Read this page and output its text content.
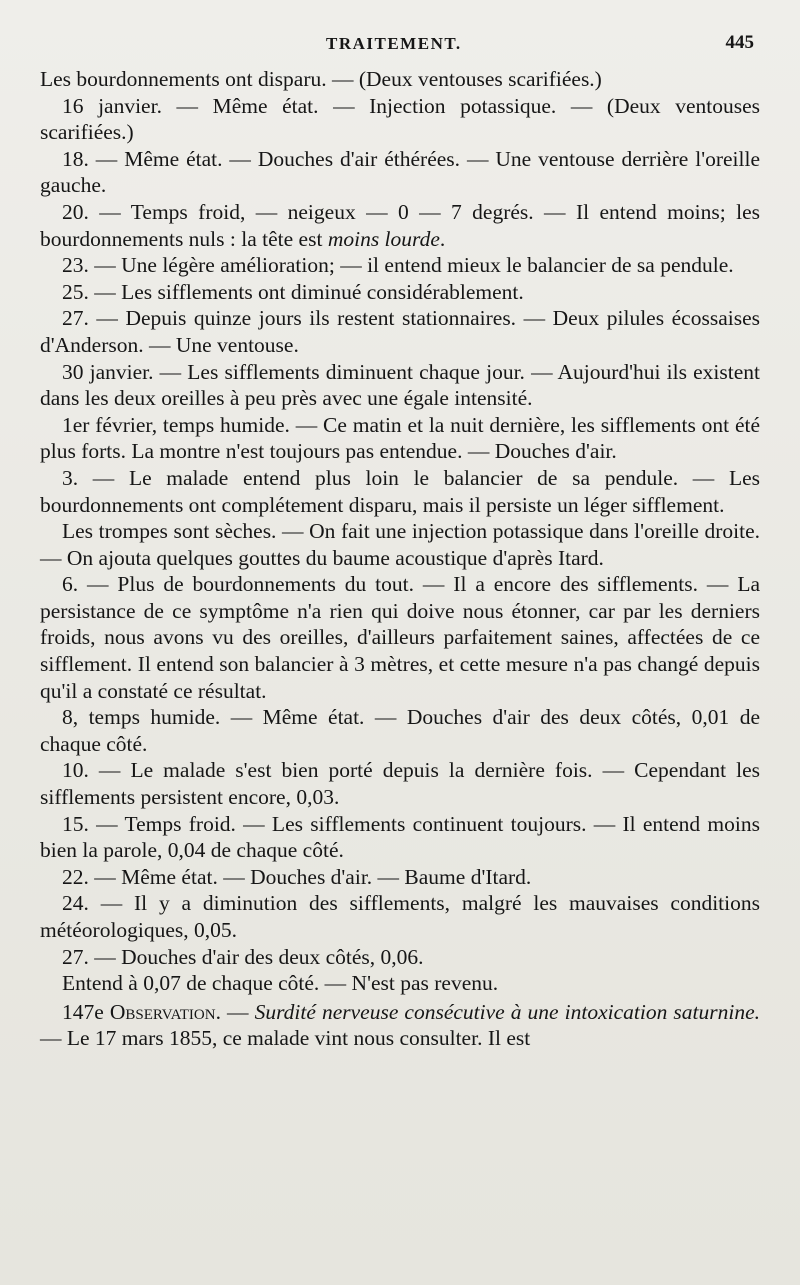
TRAITEMENT.	445

Les bourdonnements ont disparu. — (Deux ventouses scarifiées.)

16 janvier. — Même état. — Injection potassique. — (Deux ventouses scarifiées.)

18. — Même état. — Douches d'air éthérées. — Une ventouse derrière l'oreille gauche.

20. — Temps froid, — neigeux — 0 — 7 degrés. — Il entend moins; les bourdonnements nuls : la tête est moins lourde.

23. — Une légère amélioration; — il entend mieux le balancier de sa pendule.

25. — Les sifflements ont diminué considérablement.

27. — Depuis quinze jours ils restent stationnaires. — Deux pilules écossaises d'Anderson. — Une ventouse.

30 janvier. — Les sifflements diminuent chaque jour. — Aujourd'hui ils existent dans les deux oreilles à peu près avec une égale intensité.

1er février, temps humide. — Ce matin et la nuit dernière, les sifflements ont été plus forts. La montre n'est toujours pas entendue. — Douches d'air.

3. — Le malade entend plus loin le balancier de sa pendule. — Les bourdonnements ont complétement disparu, mais il persiste un léger sifflement.

Les trompes sont sèches. — On fait une injection potassique dans l'oreille droite. — On ajouta quelques gouttes du baume acoustique d'après Itard.

6. — Plus de bourdonnements du tout. — Il a encore des sifflements. — La persistance de ce symptôme n'a rien qui doive nous étonner, car par les derniers froids, nous avons vu des oreilles, d'ailleurs parfaitement saines, affectées de ce sifflement. Il entend son balancier à 3 mètres, et cette mesure n'a pas changé depuis qu'il a constaté ce résultat.

8, temps humide. — Même état. — Douches d'air des deux côtés, 0,01 de chaque côté.

10. — Le malade s'est bien porté depuis la dernière fois. — Cependant les sifflements persistent encore, 0,03.

15. — Temps froid. — Les sifflements continuent toujours. — Il entend moins bien la parole, 0,04 de chaque côté.

22. — Même état. — Douches d'air. — Baume d'Itard.

24. — Il y a diminution des sifflements, malgré les mauvaises conditions météorologiques, 0,05.

27. — Douches d'air des deux côtés, 0,06.

Entend à 0,07 de chaque côté. — N'est pas revenu.

147e Observation. — Surdité nerveuse consécutive à une intoxication saturnine. — Le 17 mars 1855, ce malade vint nous consulter. Il est
